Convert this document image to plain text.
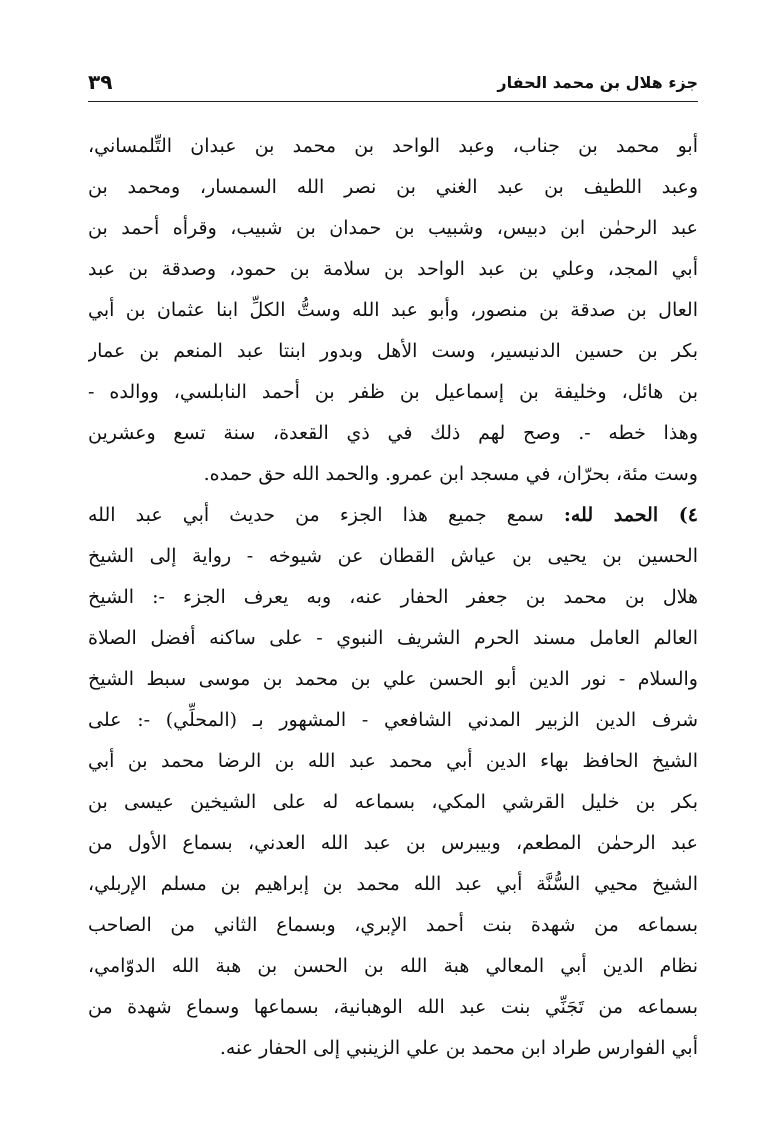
جزء هلال بن محمد الحفار
٣٩
أبو محمد بن جناب، وعبد الواحد بن محمد بن عبدان التِّلمساني،
وعبد اللطيف بن عبد الغني بن نصر الله السمسار، ومحمد بن
عبد الرحمٰن ابن دبيس، وشبيب بن حمدان بن شبيب، وقرأه أحمد بن
أبي المجد، وعلي بن عبد الواحد بن سلامة بن حمود، وصدقة بن عبد
العال بن صدقة بن منصور، وأبو عبد الله وستُّ الكلِّ ابنا عثمان بن أبي
بكر بن حسين الدنيسير، وست الأهل وبدور ابنتا عبد المنعم بن عمار
بن هائل، وخليفة بن إسماعيل بن ظفر بن أحمد النابلسي، ووالده -
وهذا خطه -. وصح لهم ذلك في ذي القعدة، سنة تسع وعشرين
وست مئة، بحرّان، في مسجد ابن عمرو. والحمد الله حق حمده.
٤) الحمد لله: سمع جميع هذا الجزء من حديث أبي عبد الله
الحسين بن يحيى بن عياش القطان عن شيوخه - رواية إلى الشيخ
هلال بن محمد بن جعفر الحفار عنه، وبه يعرف الجزء -: الشيخ
العالم العامل مسند الحرم الشريف النبوي - على ساكنه أفضل الصلاة
والسلام - نور الدين أبو الحسن علي بن محمد بن موسى سبط الشيخ
شرف الدين الزبير المدني الشافعي - المشهور بـ (المحلِّي) -: على
الشيخ الحافظ بهاء الدين أبي محمد عبد الله بن الرضا محمد بن أبي
بكر بن خليل القرشي المكي، بسماعه له على الشيخين عيسى بن
عبد الرحمٰن المطعم، وبيبرس بن عبد الله العدني، بسماع الأول من
الشيخ محيي السُّنَّة أبي عبد الله محمد بن إبراهيم بن مسلم الإربلي،
بسماعه من شهدة بنت أحمد الإبري، وبسماع الثاني من الصاحب
نظام الدين أبي المعالي هبة الله بن الحسن بن هبة الله الدوّامي،
بسماعه من تَجَنِّي بنت عبد الله الوهبانية، بسماعها وسماع شهدة من
أبي الفوارس طراد ابن محمد بن علي الزينبي إلى الحفار عنه.
